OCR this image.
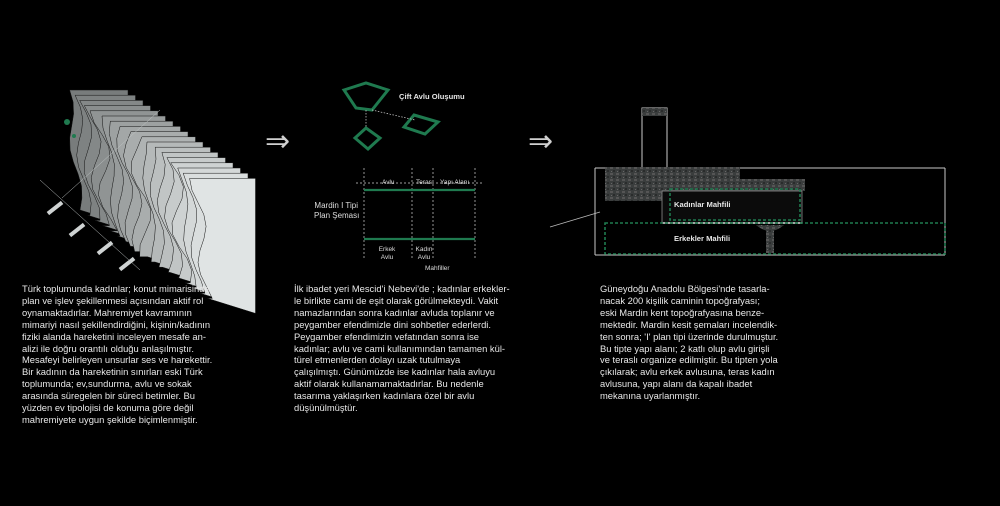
Türk toplumunda kadınlar; konut mimarisinde
plan ve işlev şekillenmesi açısından aktif rol
oynamaktadırlar. Mahremiyet kavramının
mimariyi nasıl şekillendirdiğini, kişinin/kadının
fiziki alanda hareketini inceleyen mesafe an-
alizi ile doğru orantılı olduğu anlaşılmıştır.
Mesafeyi belirleyen unsurlar ses ve harekettir.
Bir kadının da hareketinin sınırları eski Türk
toplumunda; ev,sundurma, avlu ve sokak
arasında süregelen bir süreci betimler. Bu
yüzden ev tipolojisi de konuma göre değil
mahremiyete uygun şekilde biçimlenmiştir.
⇒
Çift Avlu Oluşumu
Mardin I Tipi
Plan Şeması
Avlu	Teras Yapı Alanı
Erkek
Avlu
Kadın
Avlu
Mahfiller
İlk ibadet yeri Mescid'i Nebevi'de ; kadınlar erkekler-
le birlikte cami de eşit olarak görülmekteydi. Vakit
namazlarından sonra kadınlar avluda toplanır ve
peygamber efendimizle dini sohbetler ederlerdi.
Peygamber efendimizin vefatından sonra ise
kadınlar; avlu ve cami kullanımından tamamen kül-
türel etmenlerden dolayı uzak tutulmaya
çalışılmıştı. Günümüzde ise kadınlar hala avluyu
aktif olarak kullanamamaktadırlar. Bu nedenle
tasarıma yaklaşırken kadınlara özel bir avlu
düşünülmüştür.
⇒
Kadınlar Mahfili
Erkekler Mahfili
Güneydoğu Anadolu Bölgesi'nde tasarla-
nacak 200 kişilik caminin topoğrafyası;
eski Mardin kent topoğrafyasına benze-
mektedir. Mardin kesit şemaları incelendik-
ten sonra; 'I' plan tipi üzerinde durulmuştur.
Bu tipte yapı alanı; 2 katlı olup avlu girişli
ve teraslı organize edilmiştir. Bu tipten yola
çıkılarak; avlu erkek avlusuna, teras kadın
avlusuna, yapı alanı da kapalı ibadet
mekanına uyarlanmıştır.
